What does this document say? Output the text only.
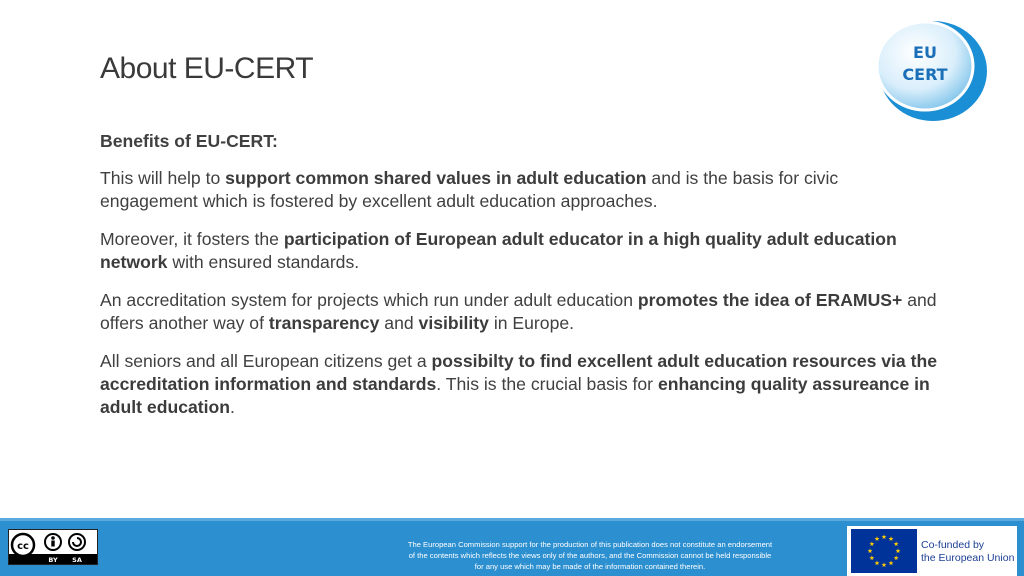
About EU-CERT	EU
CERT

Benefits of EU-CERT:

This will help to support common shared values in adult education and is the basis for civic engagement which is fostered by excellent adult education approaches.

Moreover, it fosters the participation of European adult educator in a high quality adult education network with ensured standards.

An accreditation system for projects which run under adult education promotes the idea of ERAMUS+ and offers another way of transparency and visibility in Europe.

All seniors and all European citizens get a possibilty to find excellent adult education resources via the accreditation information and standards. This is the crucial basis for enhancing quality assureance in adult education.

cc
BY SA
The European Commission support for the production of this publication does not constitute an endorsement
of the contents which reflects the views only of the authors, and the Commission cannot be held responsible
for any use which may be made of the information contained therein.
Co-funded by
the European Union
